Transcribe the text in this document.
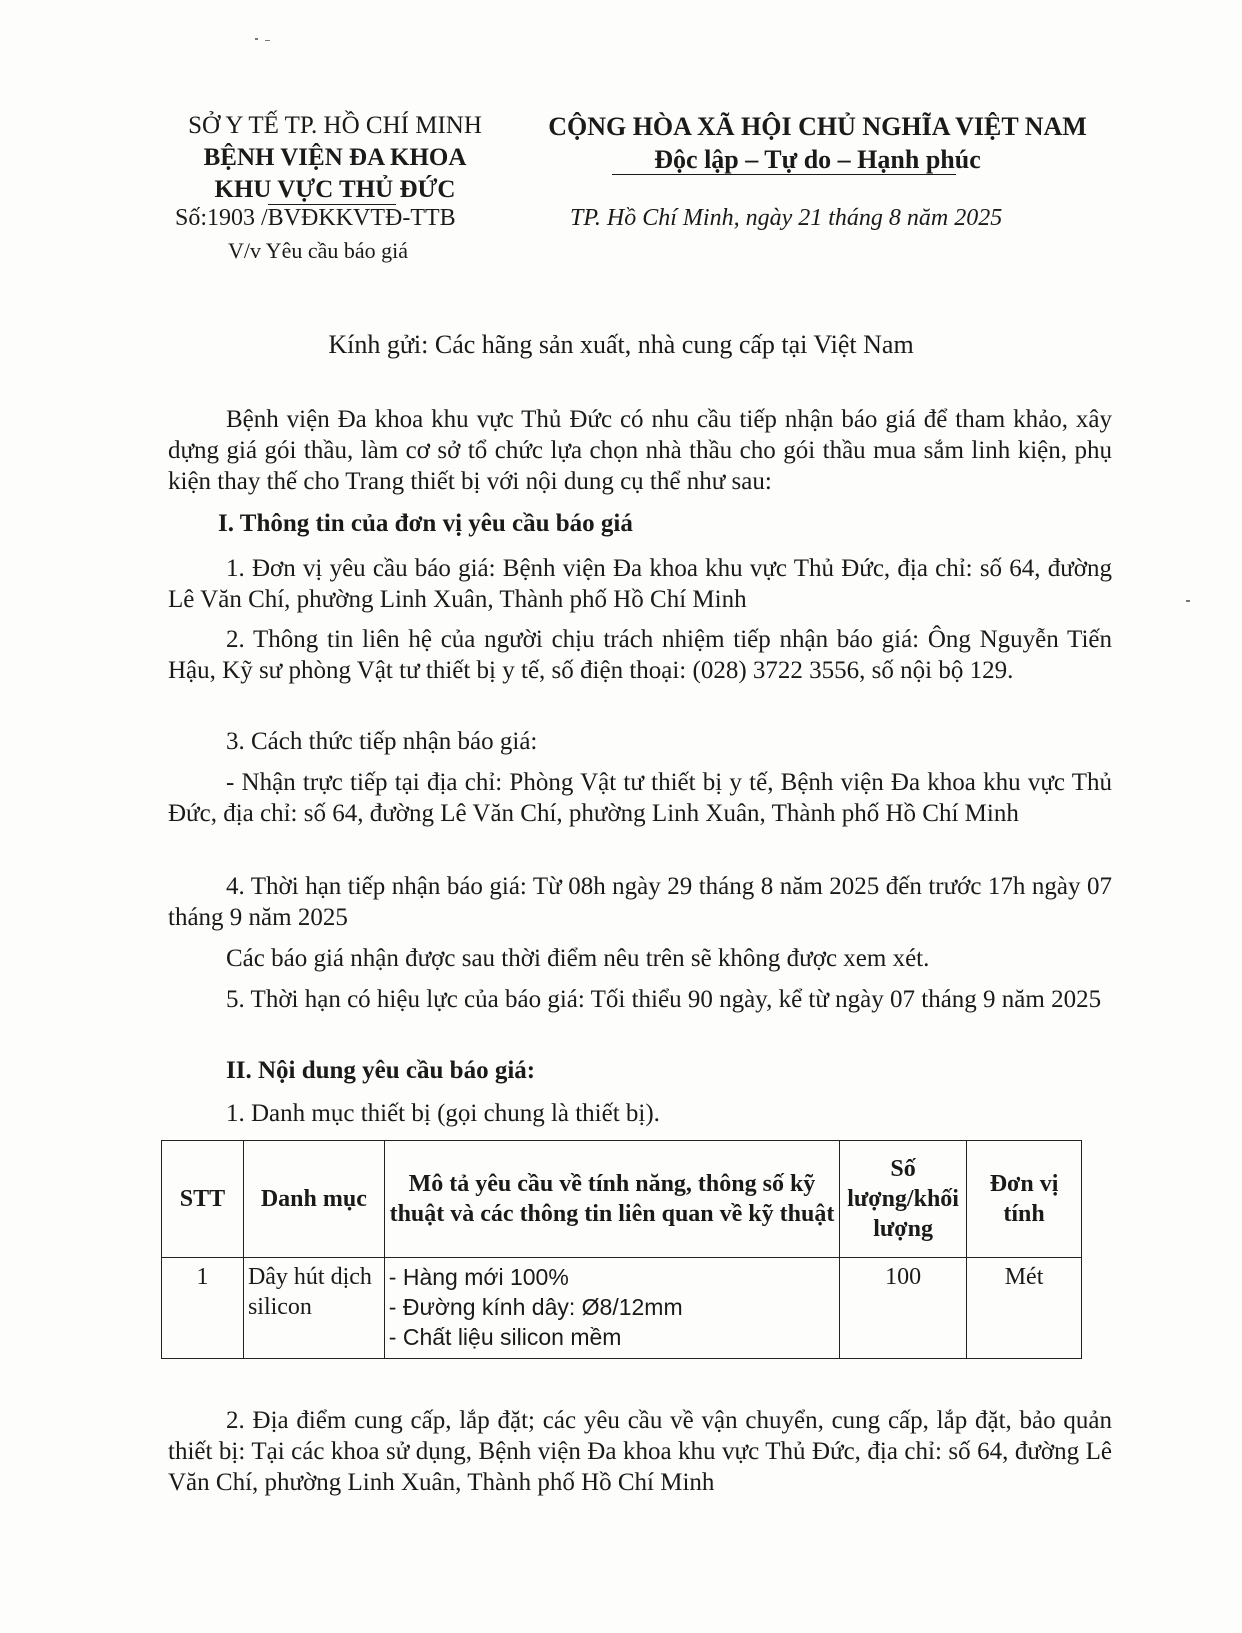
SỞ Y TẾ TP. HỒ CHÍ MINH
BỆNH VIỆN ĐA KHOA
KHU VỰC THỦ ĐỨC
Số:1903 /BVĐKKVTĐ-TTB
V/v Yêu cầu báo giá
CỘNG HÒA XÃ HỘI CHỦ NGHĨA VIỆT NAM
Độc lập – Tự do – Hạnh phúc
TP. Hồ Chí Minh, ngày 21 tháng 8 năm 2025
Kính gửi: Các hãng sản xuất, nhà cung cấp tại Việt Nam
Bệnh viện Đa khoa khu vực Thủ Đức có nhu cầu tiếp nhận báo giá để tham khảo, xây dựng giá gói thầu, làm cơ sở tổ chức lựa chọn nhà thầu cho gói thầu mua sắm linh kiện, phụ kiện thay thế cho Trang thiết bị với nội dung cụ thể như sau:
I. Thông tin của đơn vị yêu cầu báo giá
1. Đơn vị yêu cầu báo giá: Bệnh viện Đa khoa khu vực Thủ Đức, địa chỉ: số 64, đường Lê Văn Chí, phường Linh Xuân, Thành phố Hồ Chí Minh
2. Thông tin liên hệ của người chịu trách nhiệm tiếp nhận báo giá: Ông Nguyễn Tiến Hậu, Kỹ sư phòng Vật tư thiết bị y tế, số điện thoại: (028) 3722 3556, số nội bộ 129.
3. Cách thức tiếp nhận báo giá:
- Nhận trực tiếp tại địa chỉ: Phòng Vật tư thiết bị y tế, Bệnh viện Đa khoa khu vực Thủ Đức, địa chỉ: số 64, đường Lê Văn Chí, phường Linh Xuân, Thành phố Hồ Chí Minh
4. Thời hạn tiếp nhận báo giá: Từ 08h ngày 29 tháng 8 năm 2025 đến trước 17h ngày 07 tháng 9 năm 2025
Các báo giá nhận được sau thời điểm nêu trên sẽ không được xem xét.
5. Thời hạn có hiệu lực của báo giá: Tối thiểu 90 ngày, kể từ ngày 07 tháng 9 năm 2025
II. Nội dung yêu cầu báo giá:
1. Danh mục thiết bị (gọi chung là thiết bị).
STT	Danh mục	Mô tả yêu cầu về tính năng, thông số kỹ thuật và các thông tin liên quan về kỹ thuật	Số lượng/khối lượng	Đơn vị tính
1	Dây hút dịch silicon	- Hàng mới 100%
- Đường kính dây: Ø8/12mm
- Chất liệu silicon mềm	100	Mét
2. Địa điểm cung cấp, lắp đặt; các yêu cầu về vận chuyển, cung cấp, lắp đặt, bảo quản thiết bị: Tại các khoa sử dụng, Bệnh viện Đa khoa khu vực Thủ Đức, địa chỉ: số 64, đường Lê Văn Chí, phường Linh Xuân, Thành phố Hồ Chí Minh
